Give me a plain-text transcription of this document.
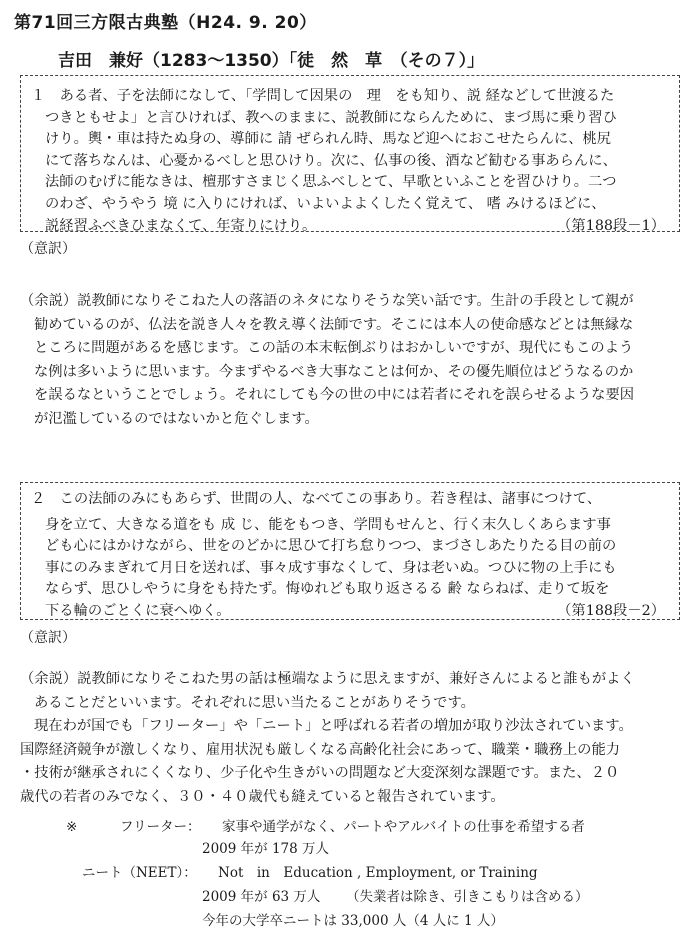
第71回三方限古典塾（H24. 9. 20）
吉田　兼好（1283〜1350）「徒　然　草　（その７）」
１　ある者、子を法師になして、「学問して因果の　理　をも知り、説 経などして世渡るた
つきともせよ」と言ひければ、教へのままに、説教師にならんために、まづ馬に乗り習ひ
けり。輿・車は持たぬ身の、導師に 請 ぜられん時、馬など迎へにおこせたらんに、桃尻
にて落ちなんは、心憂かるべしと思ひけり。次に、仏事の後、酒など勧むる事あらんに、
法師のむげに能なきは、檀那すさまじく思ふべしとて、早歌といふことを習ひけり。二つ
のわざ、やうやう 境 に入りにければ、いよいよよくしたく覚えて、 嗜 みけるほどに、
説経習ふべきひまなくて、年寄りにけり。	（第188段－1）
（意訳）
（余説）説教師になりそこねた人の落語のネタになりそうな笑い話です。生計の手段として親が
勧めているのが、仏法を説き人々を教え導く法師です。そこには本人の使命感などとは無縁な
ところに問題があるを感じます。この話の本末転倒ぶりはおかしいですが、現代にもこのよう
な例は多いように思います。今まずやるべき大事なことは何か、その優先順位はどうなるのか
を誤るなということでしょう。それにしても今の世の中には若者にそれを誤らせるような要因
が氾濫しているのではないかと危ぐします。
２　この法師のみにもあらず、世間の人、なべてこの事あり。若き程は、諸事につけて、
身を立て、大きなる道をも 成 じ、能をもつき、学問もせんと、行く末久しくあらます事
ども心にはかけながら、世をのどかに思ひて打ち怠りつつ、まづさしあたりたる目の前の
事にのみまぎれて月日を送れば、事々成す事なくして、身は老いぬ。つひに物の上手にも
ならず、思ひしやうに身をも持たず。悔ゆれども取り返さるる 齢 ならねば、走りて坂を
下る輪のごとくに衰へゆく。	（第188段－2）
（意訳）
（余説）説教師になりそこねた男の話は極端なように思えますが、兼好さんによると誰もがよく
あることだといいます。それぞれに思い当たることがありそうです。
現在わが国でも「フリーター」や「ニート」と呼ばれる若者の増加が取り沙汰されています。
国際経済競争が激しくなり、雇用状況も厳しくなる高齢化社会にあって、職業・職務上の能力
・技術が継承されにくくなり、少子化や生きがいの問題など大変深刻な課題です。また、２０
歳代の若者のみでなく、３０・４０歳代も縫えていると報告されています。
※	フリーター： 家事や通学がなく、パートやアルバイトの仕事を希望する者
2009 年が 178 万人
ニート（NEET）： Not　in　Education , Employment, or Training
2009 年が 63 万人 （失業者は除き、引きこもりは含める）
今年の大学卒ニートは 33,000 人（4 人に 1 人）
